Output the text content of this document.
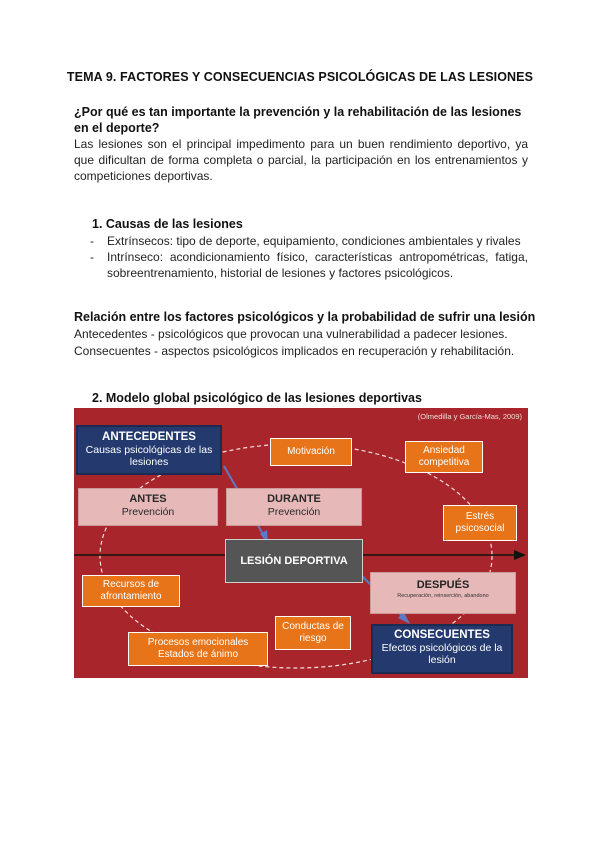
TEMA 9. FACTORES Y CONSECUENCIAS PSICOLÓGICAS DE LAS LESIONES
¿Por qué es tan importante la prevención y la rehabilitación de las lesiones en el deporte?
Las lesiones son el principal impedimento para un buen rendimiento deportivo, ya que dificultan de forma completa o parcial, la participación en los entrenamientos y competiciones deportivas.
1. Causas de las lesiones
- Extrínsecos: tipo de deporte, equipamiento, condiciones ambientales y rivales
- Intrínseco: acondicionamiento físico, características antropométricas, fatiga, sobreentrenamiento, historial de lesiones y factores psicológicos.
Relación entre los factores psicológicos y la probabilidad de sufrir una lesión
Antecedentes - psicológicos que provocan una vulnerabilidad a padecer lesiones.
Consecuentes - aspectos psicológicos implicados en recuperación y rehabilitación.
2. Modelo global psicológico de las lesiones deportivas
(Olmedilla y García-Mas, 2009)
ANTECEDENTES
Causas psicológicas de las lesiones
Motivación	Ansiedad competitiva
ANTES
Prevención
DURANTE
Prevención	Estrés psicosocial
LESIÓN DEPORTIVA
Recursos de afrontamiento
DESPUÉS
Recuperación, reinserción, abandono
Conductas de riesgo
Procesos emocionales Estados de ánimo
CONSECUENTES
Efectos psicológicos de la lesión
